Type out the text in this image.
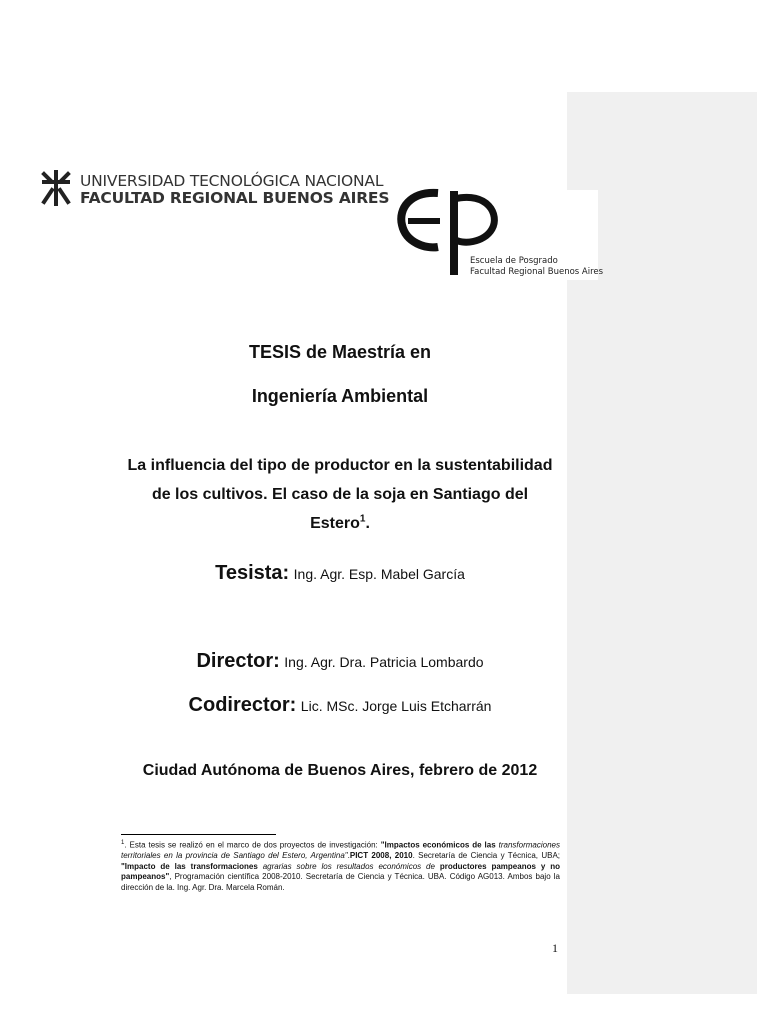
UNIVERSIDAD TECNOLÓGICA NACIONAL
FACULTAD REGIONAL BUENOS AIRES
Escuela de Posgrado
Facultad Regional Buenos Aires
TESIS de Maestría en
Ingeniería Ambiental
La influencia del tipo de productor en la sustentabilidad
de los cultivos. El caso de la soja en Santiago del
Estero$^1$.
Tesista: Ing. Agr. Esp. Mabel García
Director: Ing. Agr. Dra. Patricia Lombardo
Codirector: Lic. MSc. Jorge Luis Etcharrán
Ciudad Autónoma de Buenos Aires, febrero de 2012
$^1$. Esta tesis se realizó en el marco de dos proyectos de investigación: "Impactos económicos de las transformaciones territoriales en la provincia de Santiago del Estero, Argentina".PICT 2008, 2010. Secretaría de Ciencia y Técnica, UBA; "Impacto de las transformaciones agrarias sobre los resultados económicos de productores pampeanos y no pampeanos", Programación científica 2008-2010. Secretaría de Ciencia y Técnica. UBA. Código AG013. Ambos bajo la dirección de la. Ing. Agr. Dra. Marcela Román.
1
